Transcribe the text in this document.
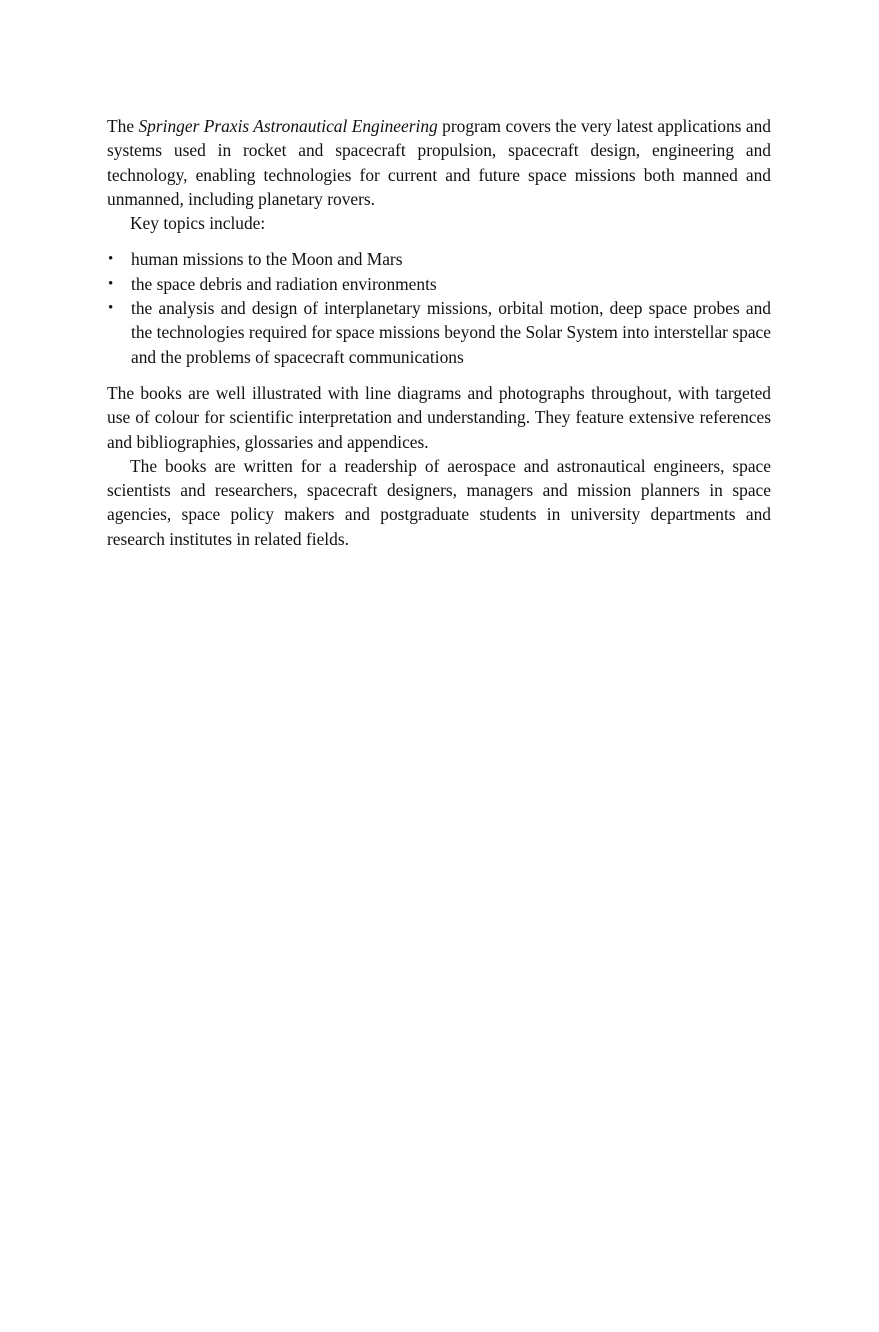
The Springer Praxis Astronautical Engineering program covers the very latest applications and systems used in rocket and spacecraft propulsion, spacecraft design, engineering and technology, enabling technologies for current and future space missions both manned and unmanned, including planetary rovers.

Key topics include:

• human missions to the Moon and Mars
• the space debris and radiation environments
• the analysis and design of interplanetary missions, orbital motion, deep space probes and the technologies required for space missions beyond the Solar System into interstellar space and the problems of spacecraft communications

The books are well illustrated with line diagrams and photographs throughout, with targeted use of colour for scientific interpretation and understanding. They feature extensive references and bibliographies, glossaries and appendices.

The books are written for a readership of aerospace and astronautical engineers, space scientists and researchers, spacecraft designers, managers and mission planners in space agencies, space policy makers and postgraduate students in university departments and research institutes in related fields.
